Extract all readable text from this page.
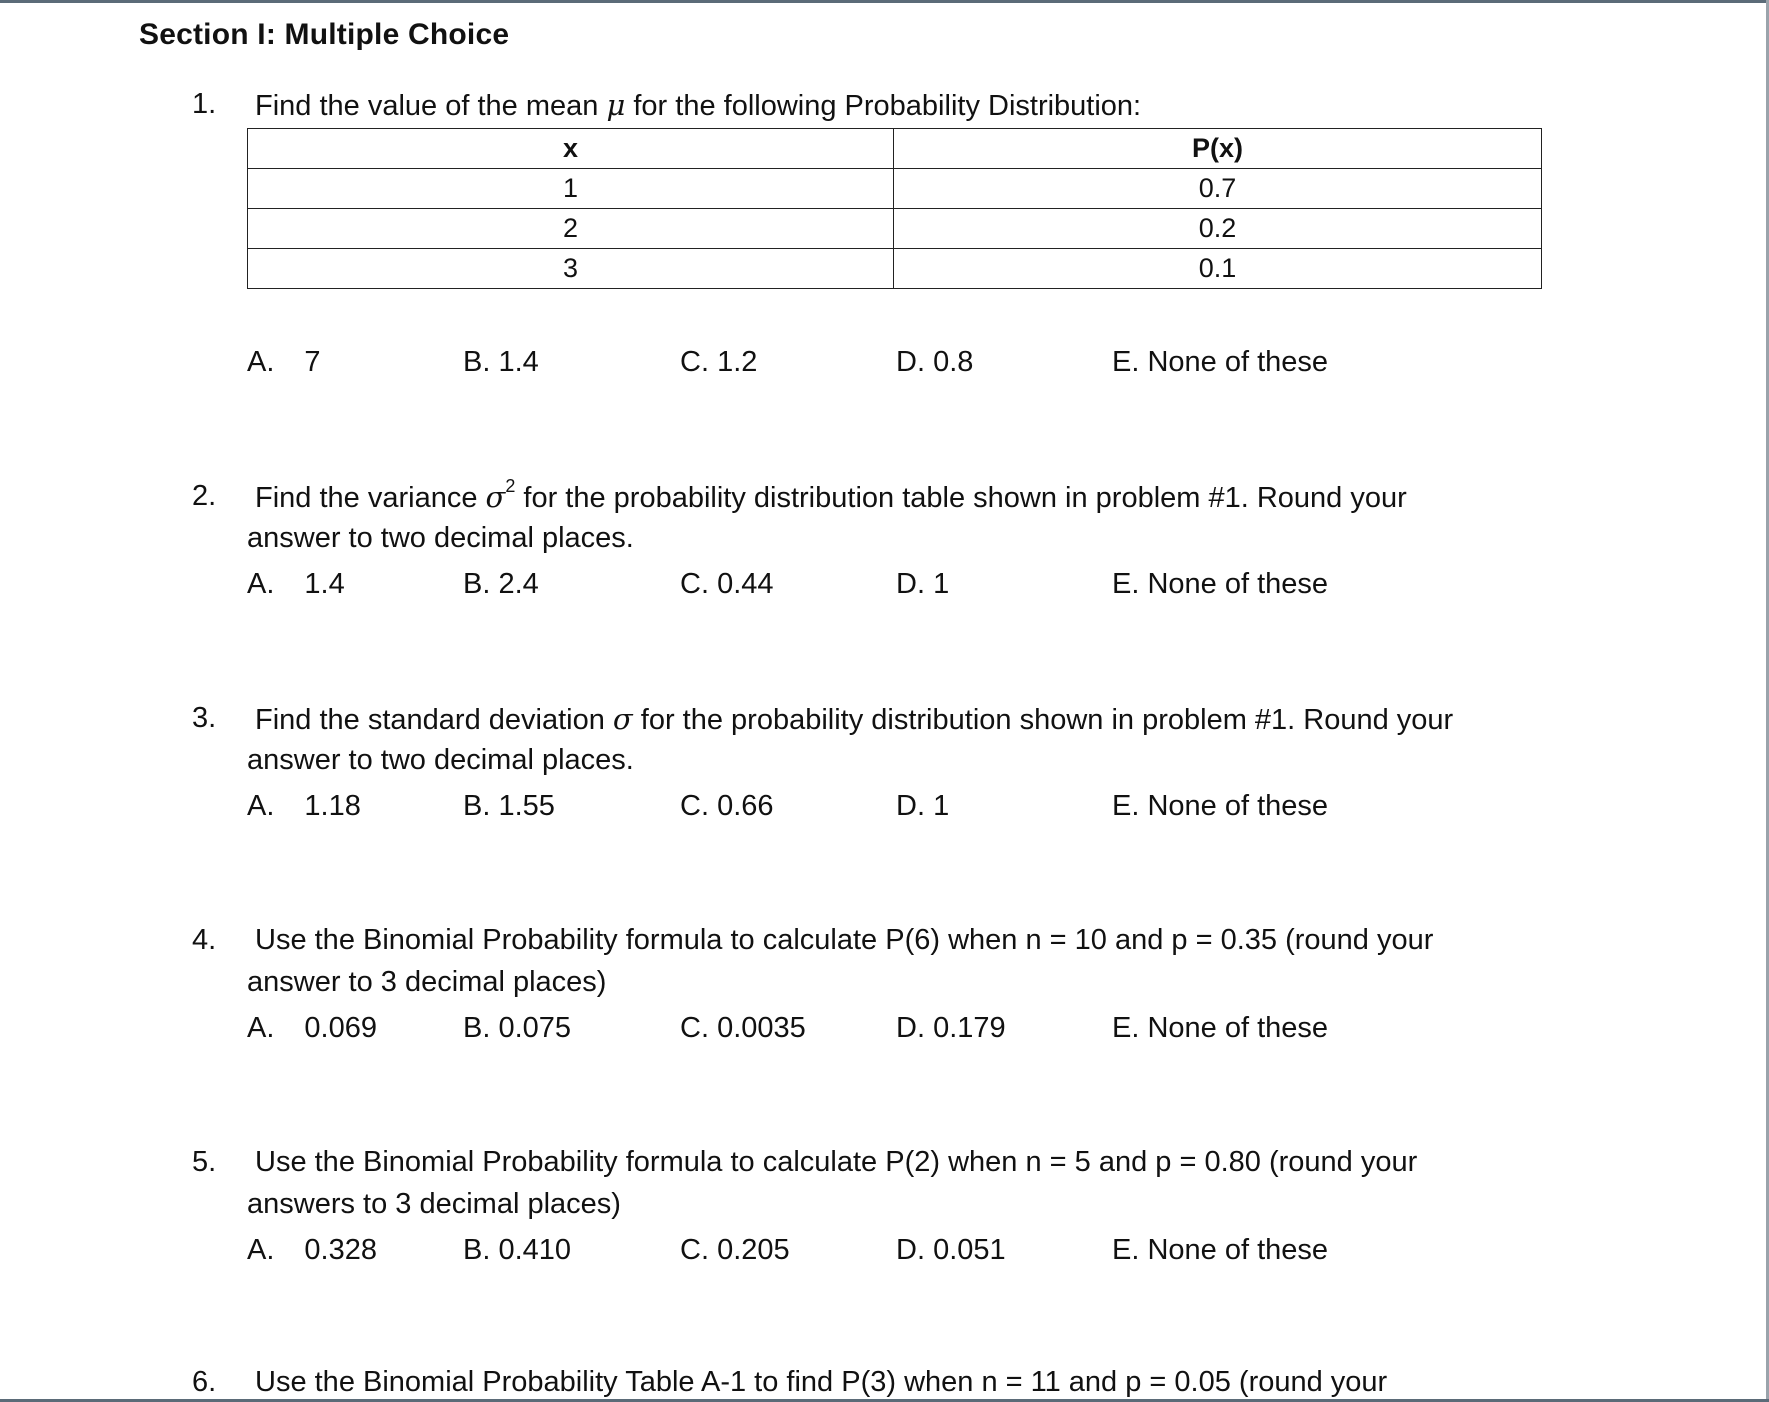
Section I: Multiple Choice
1. Find the value of the mean μ for the following Probability Distribution:
x	P(x)
1	0.7
2	0.2
3	0.1
A. 7	B. 1.4	C. 1.2	D. 0.8	E. None of these
2. Find the variance $\sigma^2$ for the probability distribution table shown in problem #1. Round your
answer to two decimal places.
A. 1.4	B. 2.4	C. 0.44	D. 1	E. None of these
3. Find the standard deviation σ for the probability distribution shown in problem #1. Round your
answer to two decimal places.
A. 1.18	B. 1.55	C. 0.66	D. 1	E. None of these
4. Use the Binomial Probability formula to calculate P(6) when n = 10 and p = 0.35 (round your
answer to 3 decimal places)
A. 0.069	B. 0.075	C. 0.0035	D. 0.179	E. None of these
5. Use the Binomial Probability formula to calculate P(2) when n = 5 and p = 0.80 (round your
answers to 3 decimal places)
A. 0.328	B. 0.410	C. 0.205	D. 0.051	E. None of these
6. Use the Binomial Probability Table A-1 to find P(3) when n = 11 and p = 0.05 (round your
